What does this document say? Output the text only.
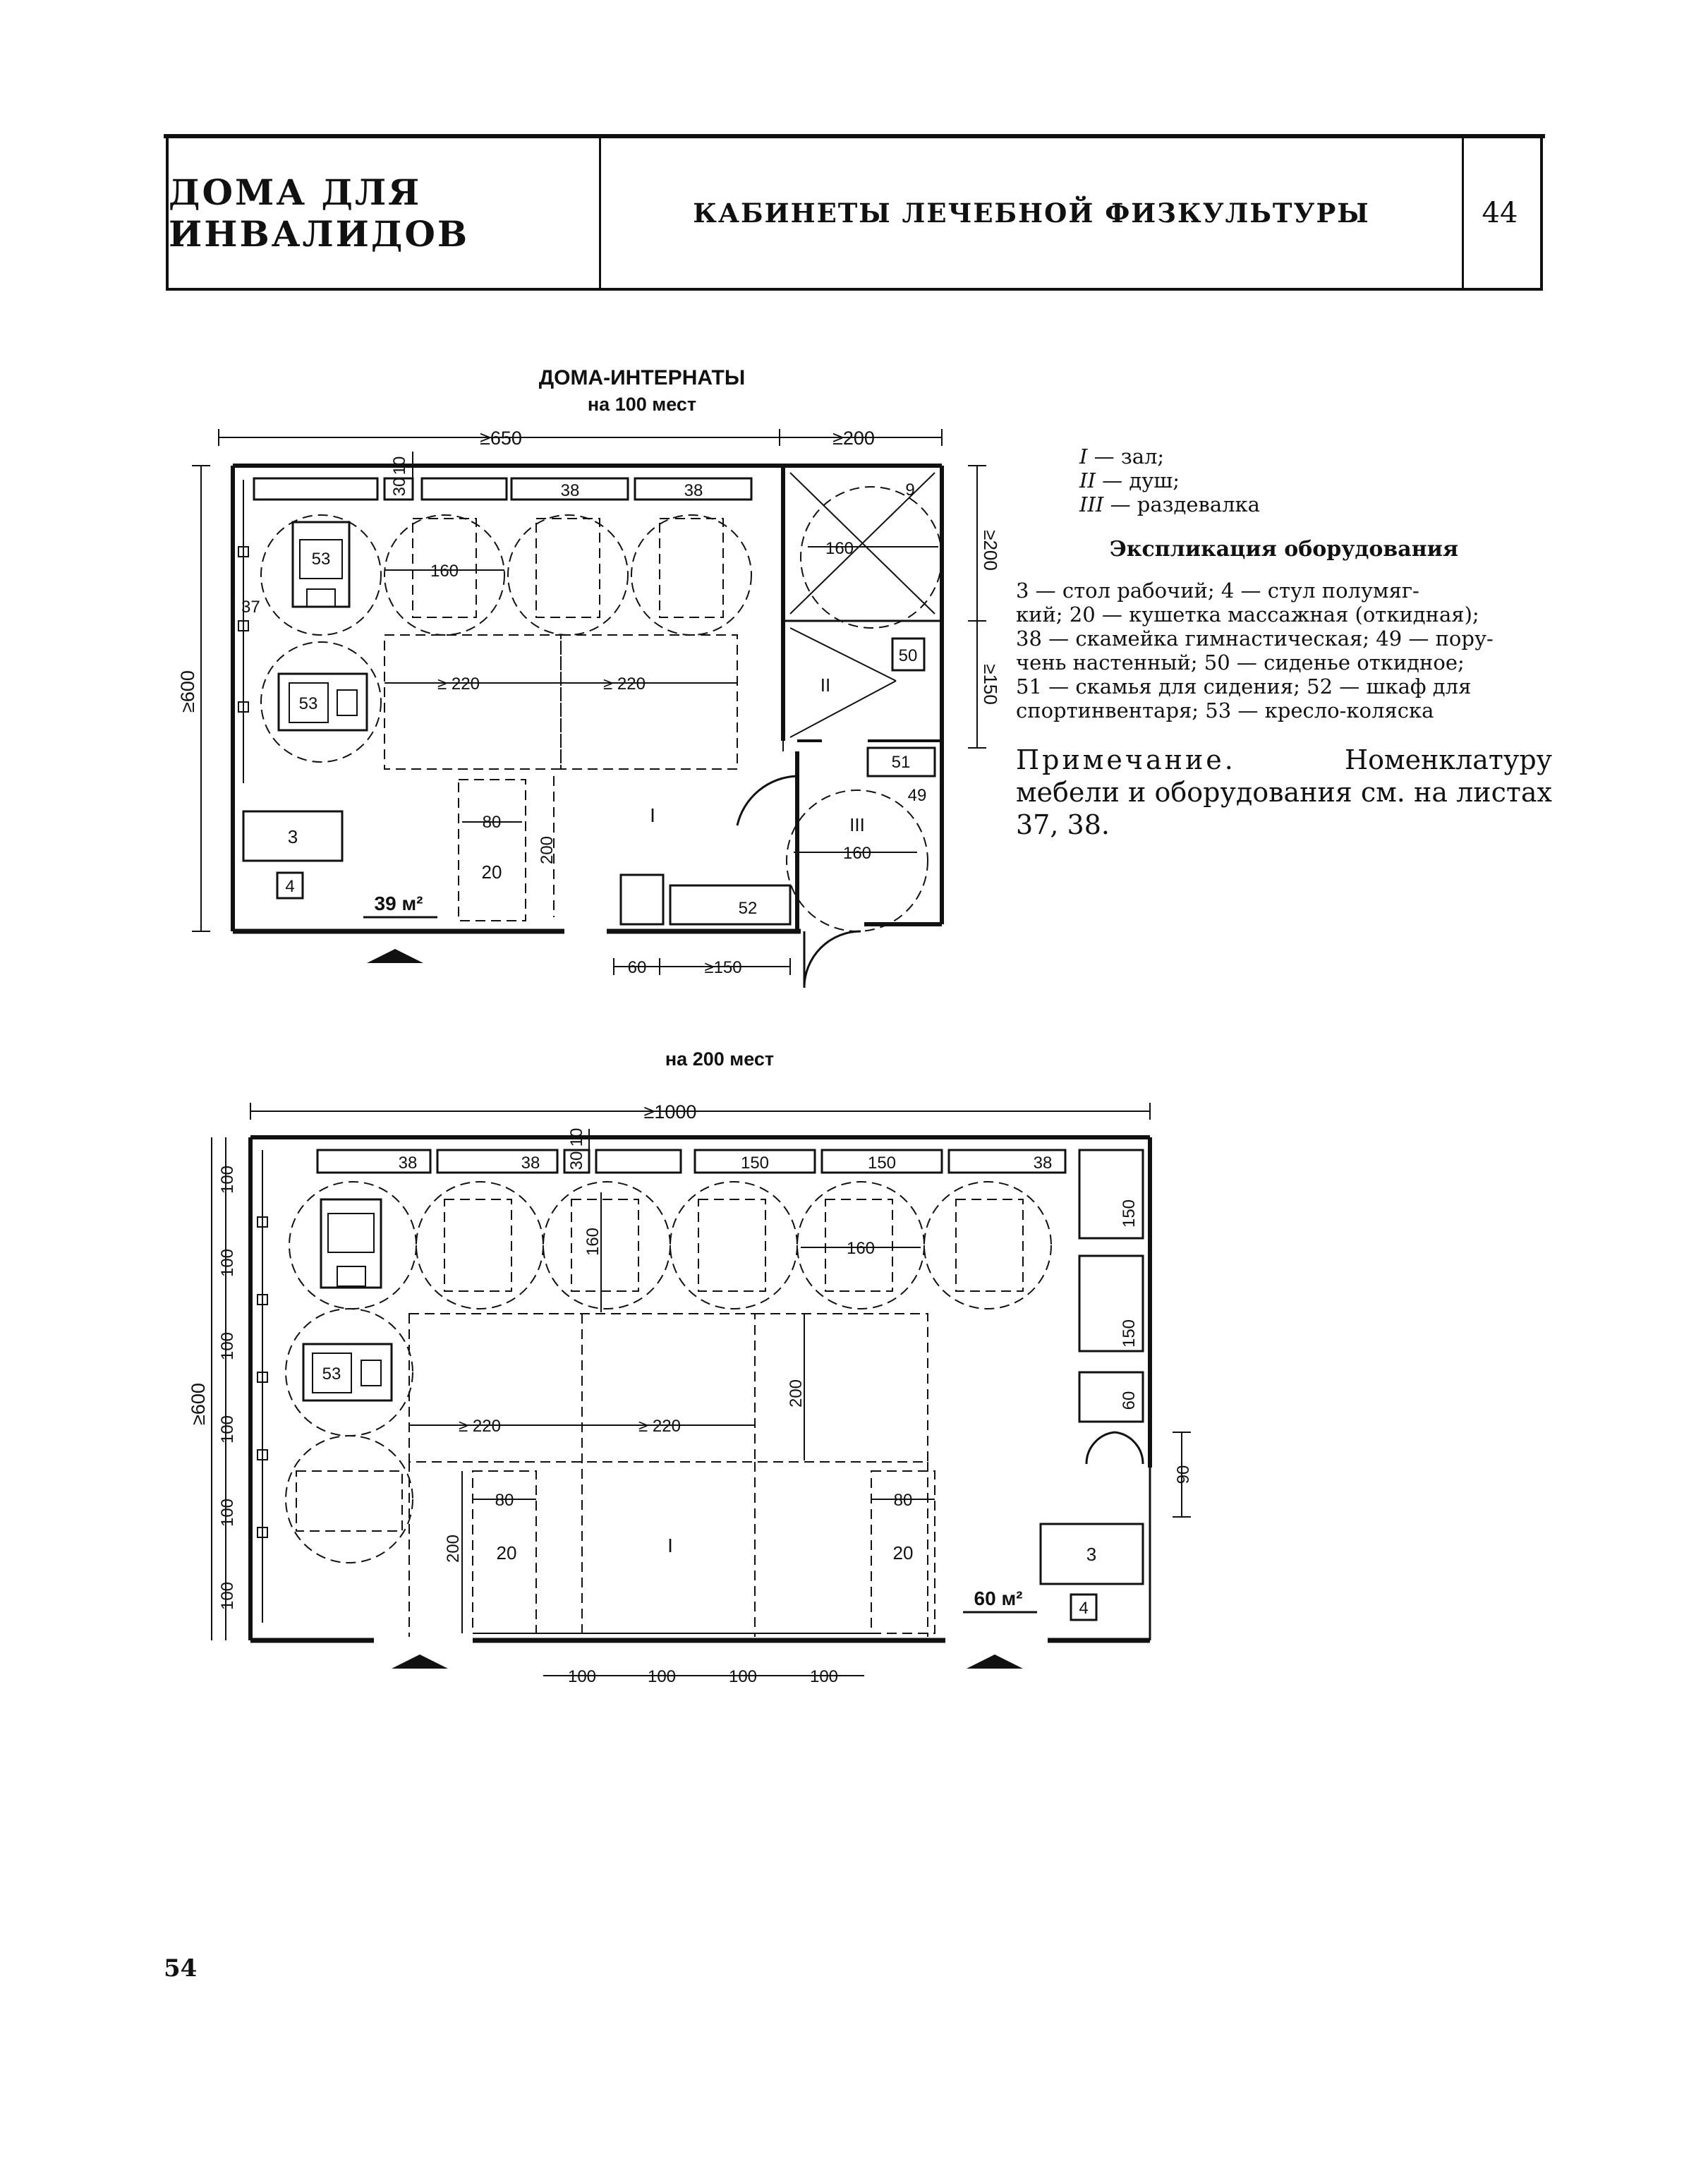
ДОМА ДЛЯ ИНВАЛИДОВ	КАБИНЕТЫ ЛЕЧЕБНОЙ ФИЗКУЛЬТУРЫ	44
ДОМА-ИНТЕРНАТЫ
на 100 мест
≥650	≥200
≥600
10
30	38	38
37
53
53
160
160
≥ 220	≥ 220
80
20
200	160
I
II
III
9
50
51
49
≥200
≥150
3
4
52
39 м²
60	≥150
на 200 мест
≥1000
10
30
38	38	38
150	150
≥600
100
100
100
100
100
100
53
160	160
≥ 220	≥ 220
200
80	80
200 20	20
I
150
150
60
90
3
4
60 м²
100	100	100	100
I — зал;
II — душ;
III — раздевалка
Экспликация оборудования
3 — стол рабочий; 4 — стул полумяг-
кий; 20 — кушетка массажная (откидная);
38 — скамейка гимнастическая; 49 — пору-
чень настенный; 50 — сиденье откидное;
51 — скамья для сидения; 52 — шкаф для
спортинвентаря; 53 — кресло-коляска
Примечание. Номенклатуру мебели и оборудования см. на листах 37, 38.
54
